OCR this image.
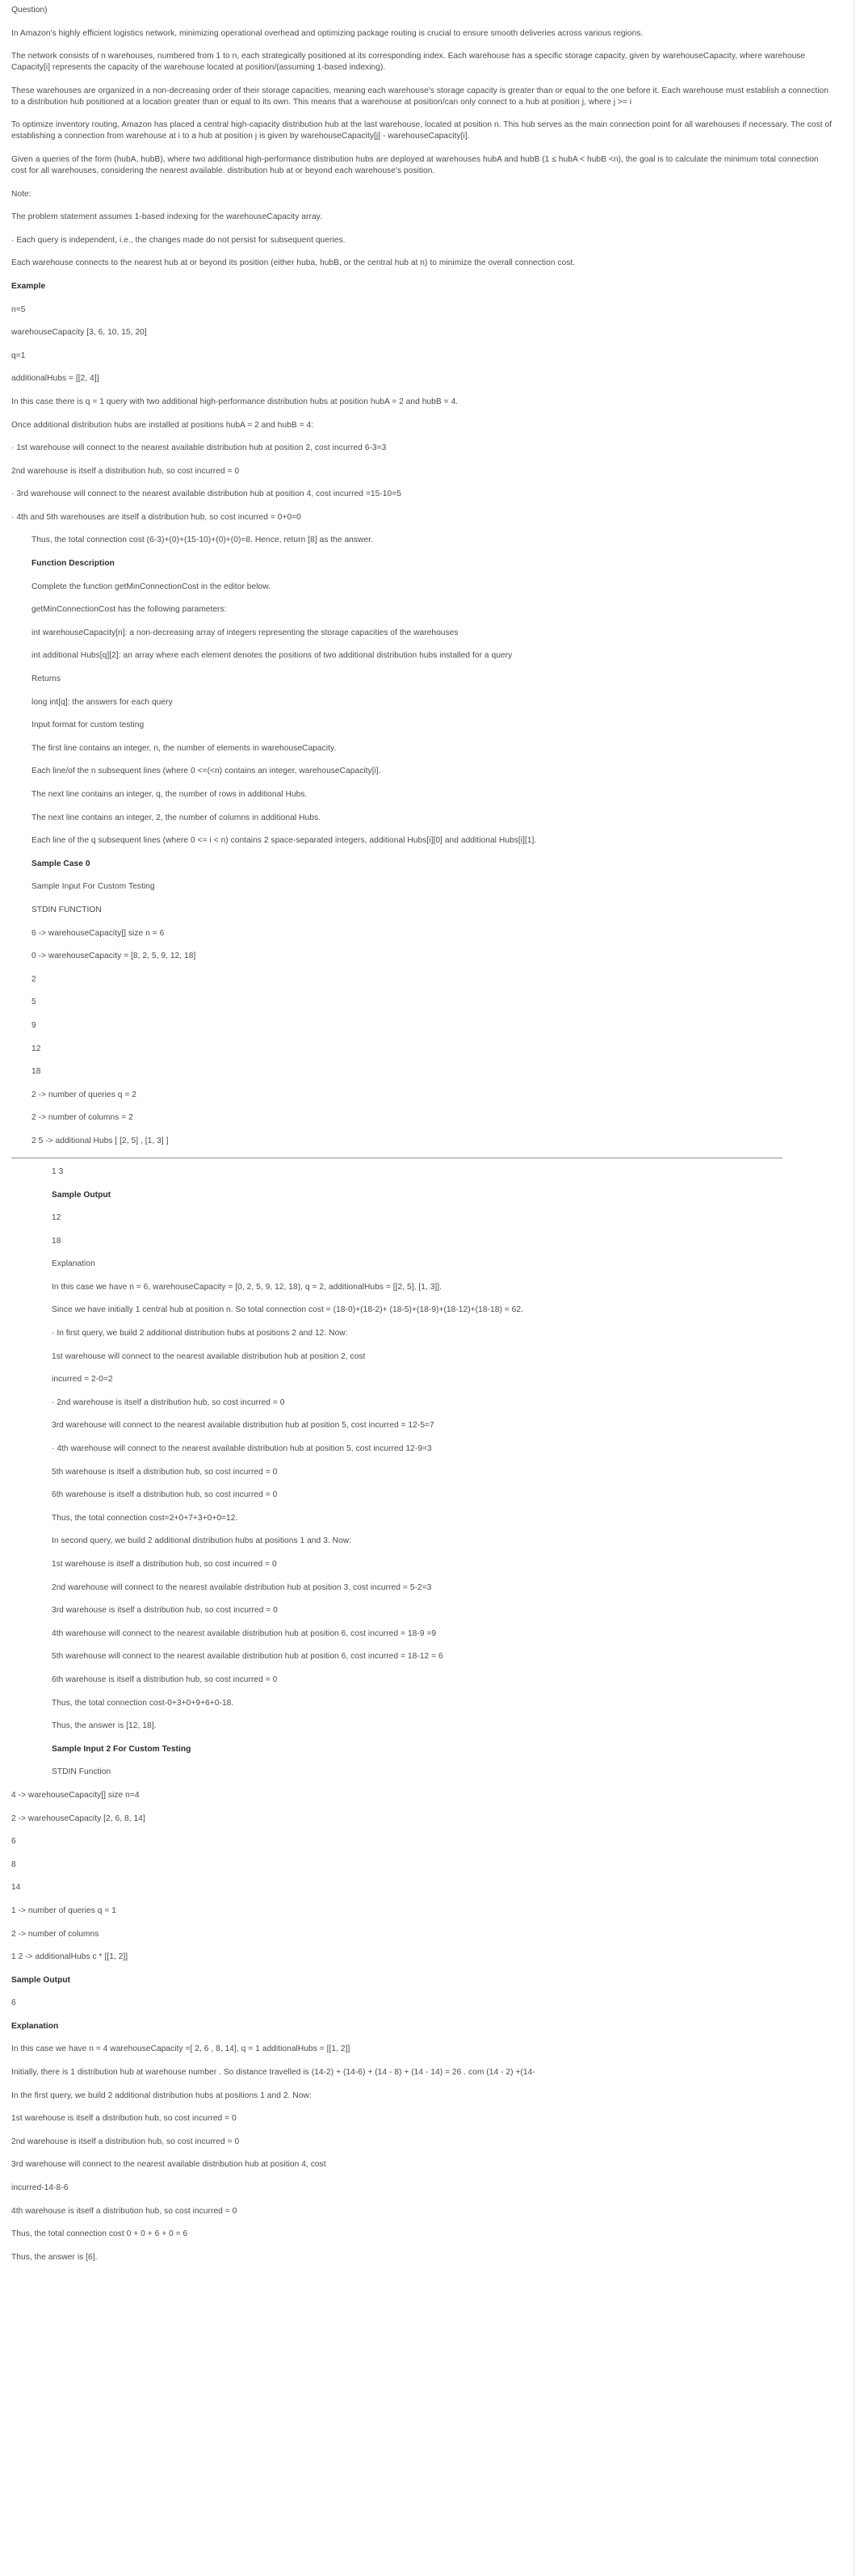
Question)

In Amazon's highly efficient logistics network, minimizing operational overhead and optimizing package routing is crucial to ensure smooth deliveries across various regions.

The network consists of n warehouses, numbered from 1 to n, each strategically positioned at its corresponding index. Each warehouse has a specific storage capacity, given by warehouseCapacity, where warehouse Capacity[i] represents the capacity of the warehouse located at position/(assuming 1-based indexing).

These warehouses are organized in a non-decreasing order of their storage capacities, meaning each warehouse's storage capacity is greater than or equal to the one before it. Each warehouse must establish a connection to a distribution hub positioned at a location greater than or equal to its own. This means that a warehouse at position/can only connect to a hub at position j, where j >= i

To optimize inventory routing, Amazon has placed a central high-capacity distribution hub at the last warehouse, located at position n. This hub serves as the main connection point for all warehouses if necessary. The cost of establishing a connection from warehouse at i to a hub at position j is given by warehouseCapacity[j] - warehouseCapacity[i].

Given a queries of the form (hubA, hubB), where two additional high-performance distribution hubs are deployed at warehouses hubA and hubB (1 ≤ hubA < hubB <n), the goal is to calculate the minimum total connection cost for all warehouses, considering the nearest available. distribution hub at or beyond each warehouse's position.

Note:

The problem statement assumes 1-based indexing for the warehouseCapacity array.

· Each query is independent, i.e., the changes made do not persist for subsequent queries.

Each warehouse connects to the nearest hub at or beyond its position (either huba, hubB, or the central hub at n) to minimize the overall connection cost.

Example

n=5

warehouseCapacity [3, 6, 10, 15, 20]

q=1

additionalHubs = [[2, 4]]

In this case there is q = 1 query with two additional high-performance distribution hubs at position hubA = 2 and hubB = 4.

Once additional distribution hubs are installed at positions hubA = 2 and hubB = 4:

· 1st warehouse will connect to the nearest available distribution hub at position 2, cost incurred 6-3=3

2nd warehouse is itself a distribution hub, so cost incurred = 0

· 3rd warehouse will connect to the nearest available distribution hub at position 4, cost incurred =15-10=5

· 4th and 5th warehouses are itself a distribution hub, so cost incurred = 0+0=0

Thus, the total connection cost (6-3)+(0)+(15-10)+(0)+(0)=8. Hence, return [8] as the answer.

Function Description

Complete the function getMinConnectionCost in the editor below.

getMinConnectionCost has the following parameters:

int warehouseCapacity[n]: a non-decreasing array of integers representing the storage capacities of the warehouses

int additional Hubs[q][2]: an array where each element denotes the positions of two additional distribution hubs installed for a query

Returns

long int[q]: the answers for each query

Input format for custom testing

The first line contains an integer, n, the number of elements in warehouseCapacity.

Each line/of the n subsequent lines (where 0 <=(<n) contains an integer, warehouseCapacity[i].

The next line contains an integer, q, the number of rows in additional Hubs.

The next line contains an integer, 2, the number of columns in additional Hubs.

Each line of the q subsequent lines (where 0 <= i < n) contains 2 space-separated integers, additional Hubs[i][0] and additional Hubs[i][1].

Sample Case 0

Sample Input For Custom Testing

STDIN FUNCTION

6 -> warehouseCapacity[] size n = 6

0 -> warehouseCapacity = [8, 2, 5, 9, 12, 18]

2

5

9

12

18

2 -> number of queries q = 2

2 -> number of columns = 2

2 5 -> additional Hubs [ [2, 5] , [1, 3] ]

1 3

Sample Output

12

18

Explanation

In this case we have n = 6, warehouseCapacity = [0, 2, 5, 9, 12, 18), q = 2, additionalHubs = [[2, 5], [1, 3]].

Since we have initially 1 central hub at position n. So total connection cost = (18-0)+(18-2)+ (18-5)+(18-9)+(18-12)+(18-18) = 62.

· In first query, we build 2 additional distribution hubs at positions 2 and 12. Now:

1st warehouse will connect to the nearest available distribution hub at position 2, cost

incurred = 2-0=2

· 2nd warehouse is itself a distribution hub, so cost incurred = 0

3rd warehouse will connect to the nearest available distribution hub at position 5, cost incurred = 12-5=7

· 4th warehouse will connect to the nearest available distribution hub at position 5, cost incurred 12-9=3

5th warehouse is itself a distribution hub, so cost incurred = 0

6th warehouse is itself a distribution hub, so cost incurred = 0

Thus, the total connection cost=2+0+7+3+0+0=12.

In second query, we build 2 additional distribution hubs at positions 1 and 3. Now:

1st warehouse is itself a distribution hub, so cost incurred = 0

2nd warehouse will connect to the nearest available distribution hub at position 3, cost incurred = 5-2=3

3rd warehouse is itself a distribution hub, so cost incurred = 0

4th warehouse will connect to the nearest available distribution hub at position 6, cost incurred = 18-9 =9

5th warehouse will connect to the nearest available distribution hub at position 6, cost incurred = 18-12 = 6

6th warehouse is itself a distribution hub, so cost incurred = 0

Thus, the total connection cost-0+3+0+9+6+0-18.

Thus, the answer is [12, 18].

Sample Input 2 For Custom Testing

STDIN Function

4 -> warehouseCapacity[] size n=4

2 -> warehouseCapacity [2, 6, 8, 14]

6

8

14

1 -> number of queries q = 1

2 -> number of columns

1 2 -> additionalHubs c * [[1, 2]]

Sample Output

6

Explanation

In this case we have n = 4 warehouseCapacity =[ 2, 6 , 8, 14], q = 1 additionalHubs = [[1, 2]]

Initially, there is 1 distribution hub at warehouse number . So distance travelled is (14-2) + (14-6) + (14 - 8) + (14 - 14) = 26 . com (14 - 2) +(14-

In the first query, we build 2 additional distribution hubs at positions 1 and 2. Now:

1st warehouse is itself a distribution hub, so cost incurred = 0

2nd warehouse is itself a distribution hub, so cost incurred = 0

3rd warehouse will connect to the nearest available distribution hub at position 4, cost

incurred-14-8-6

4th warehouse is itself a distribution hub, so cost incurred = 0

Thus, the total connection cost 0 + 0 + 6 + 0 = 6

Thus, the answer is [6].
